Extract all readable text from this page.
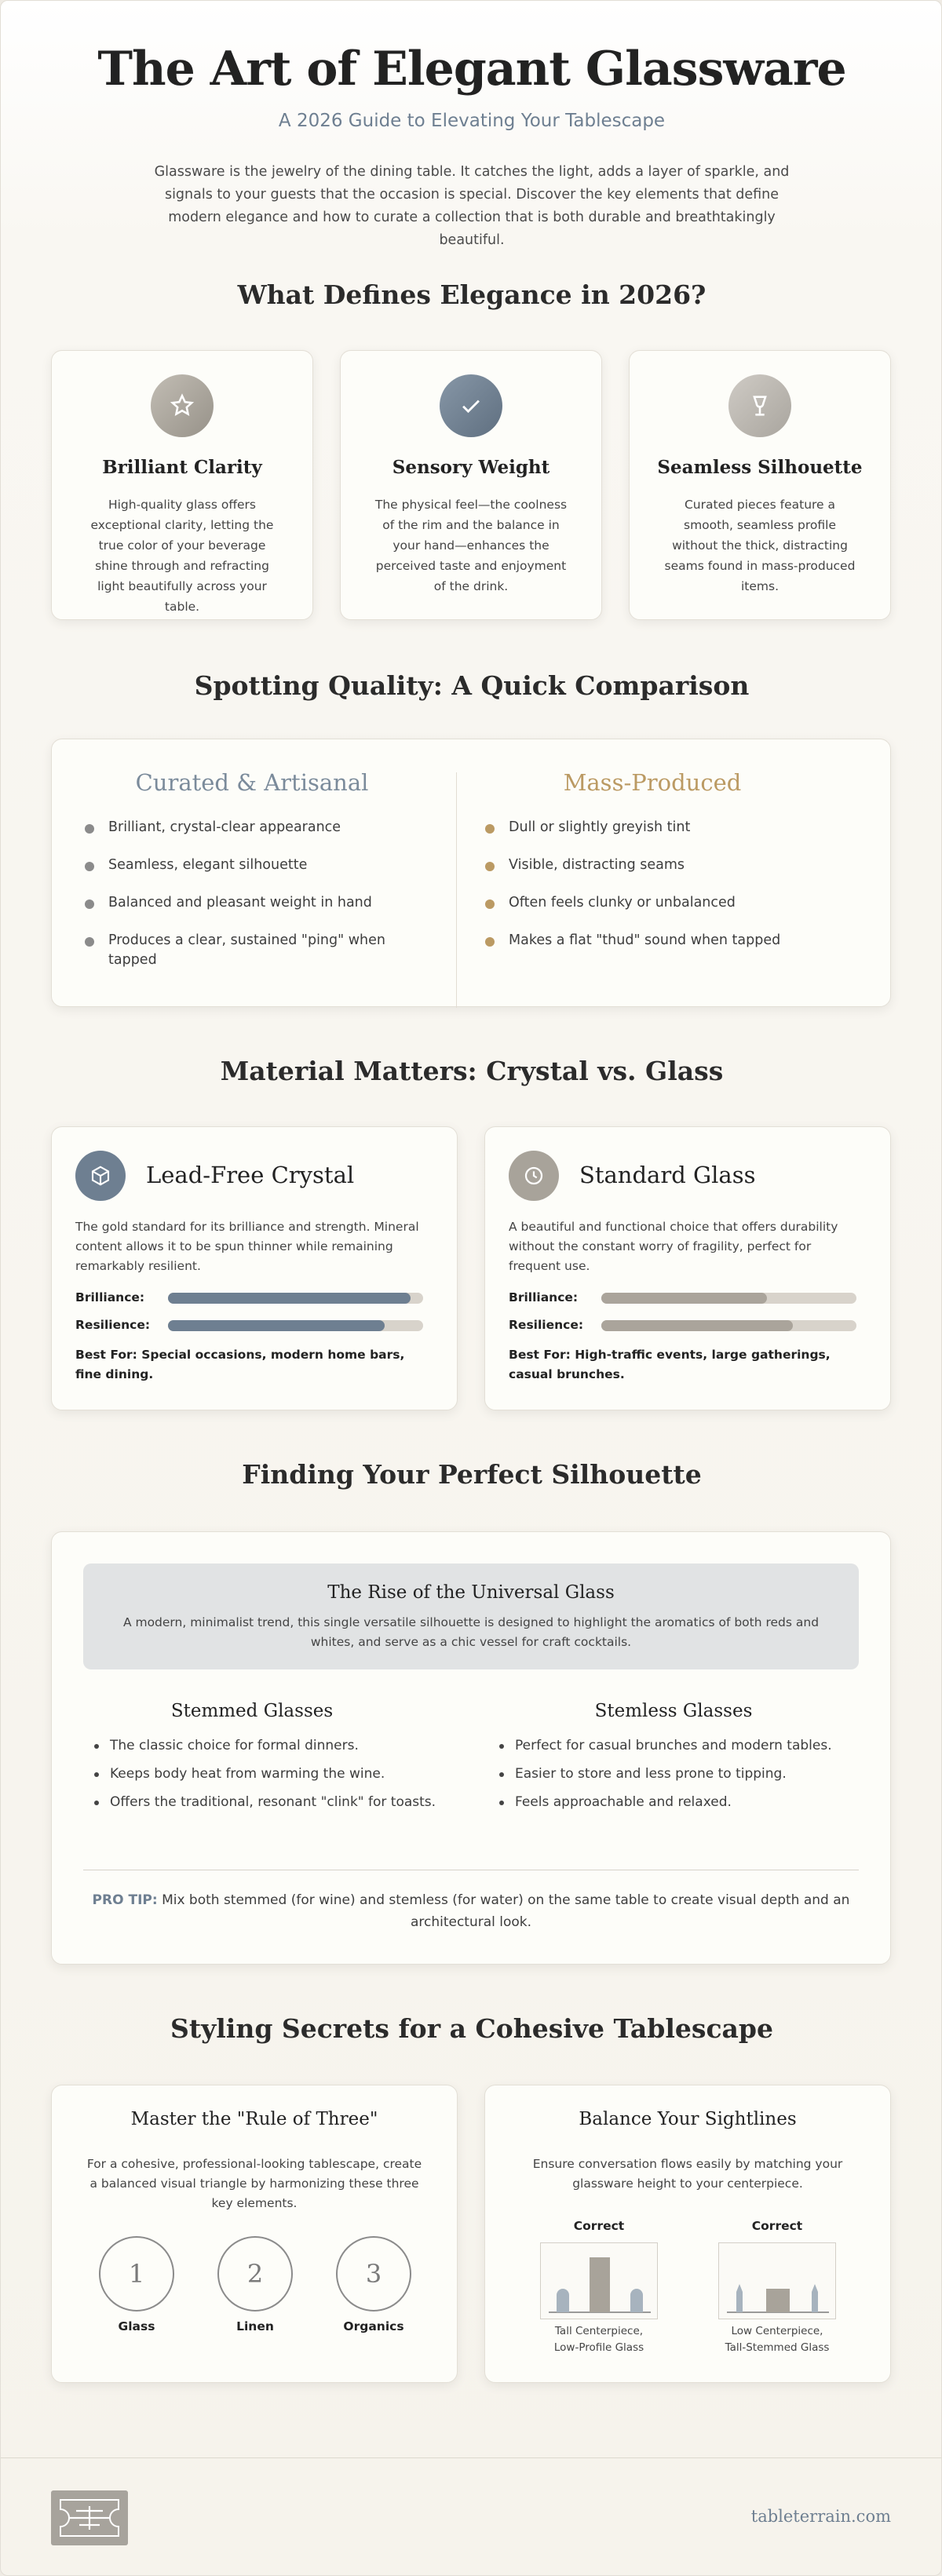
The Art of Elegant Glassware
A 2026 Guide to Elevating Your Tablescape

Glassware is the jewelry of the dining table. It catches the light, adds a layer of sparkle, and signals to your guests that the occasion is special. Discover the key elements that define modern elegance and how to curate a collection that is both durable and breathtakingly beautiful.

What Defines Elegance in 2026?
Brilliant Clarity

High-quality glass offers exceptional clarity, letting the true color of your beverage shine through and refracting light beautifully across your table.

Sensory Weight

The physical feel—the coolness of the rim and the balance in your hand—enhances the perceived taste and enjoyment of the drink.

Seamless Silhouette

Curated pieces feature a smooth, seamless profile without the thick, distracting seams found in mass-produced items.

Spotting Quality: A Quick Comparison
Curated & Artisanal
Brilliant, crystal-clear appearance
Seamless, elegant silhouette
Balanced and pleasant weight in hand
Produces a clear, sustained "ping" when tapped
Mass-Produced
Dull or slightly greyish tint
Visible, distracting seams
Often feels clunky or unbalanced
Makes a flat "thud" sound when tapped
Material Matters: Crystal vs. Glass
Lead-Free Crystal

The gold standard for its brilliance and strength. Mineral content allows it to be spun thinner while remaining remarkably resilient.

Brilliance:
Resilience:

Best For: Special occasions, modern home bars, fine dining.

Standard Glass

A beautiful and functional choice that offers durability without the constant worry of fragility, perfect for frequent use.

Brilliance:
Resilience:

Best For: High-traffic events, large gatherings, casual brunches.

Finding Your Perfect Silhouette
The Rise of the Universal Glass

A modern, minimalist trend, this single versatile silhouette is designed to highlight the aromatics of both reds and whites, and serve as a chic vessel for craft cocktails.

Stemmed Glasses
The classic choice for formal dinners.
Keeps body heat from warming the wine.
Offers the traditional, resonant "clink" for toasts.
Stemless Glasses
Perfect for casual brunches and modern tables.
Easier to store and less prone to tipping.
Feels approachable and relaxed.

PRO TIP: Mix both stemmed (for wine) and stemless (for water) on the same table to create visual depth and an architectural look.

Styling Secrets for a Cohesive Tablescape
Master the "Rule of Three"

For a cohesive, professional-looking tablescape, create a balanced visual triangle by harmonizing these three key elements.

1
Glass
2
Linen
3
Organics
Balance Your Sightlines

Ensure conversation flows easily by matching your glassware height to your centerpiece.

Correct
Tall Centerpiece,
Low-Profile Glass
Correct
Low Centerpiece,
Tall-Stemmed Glass
tableterrain.com
